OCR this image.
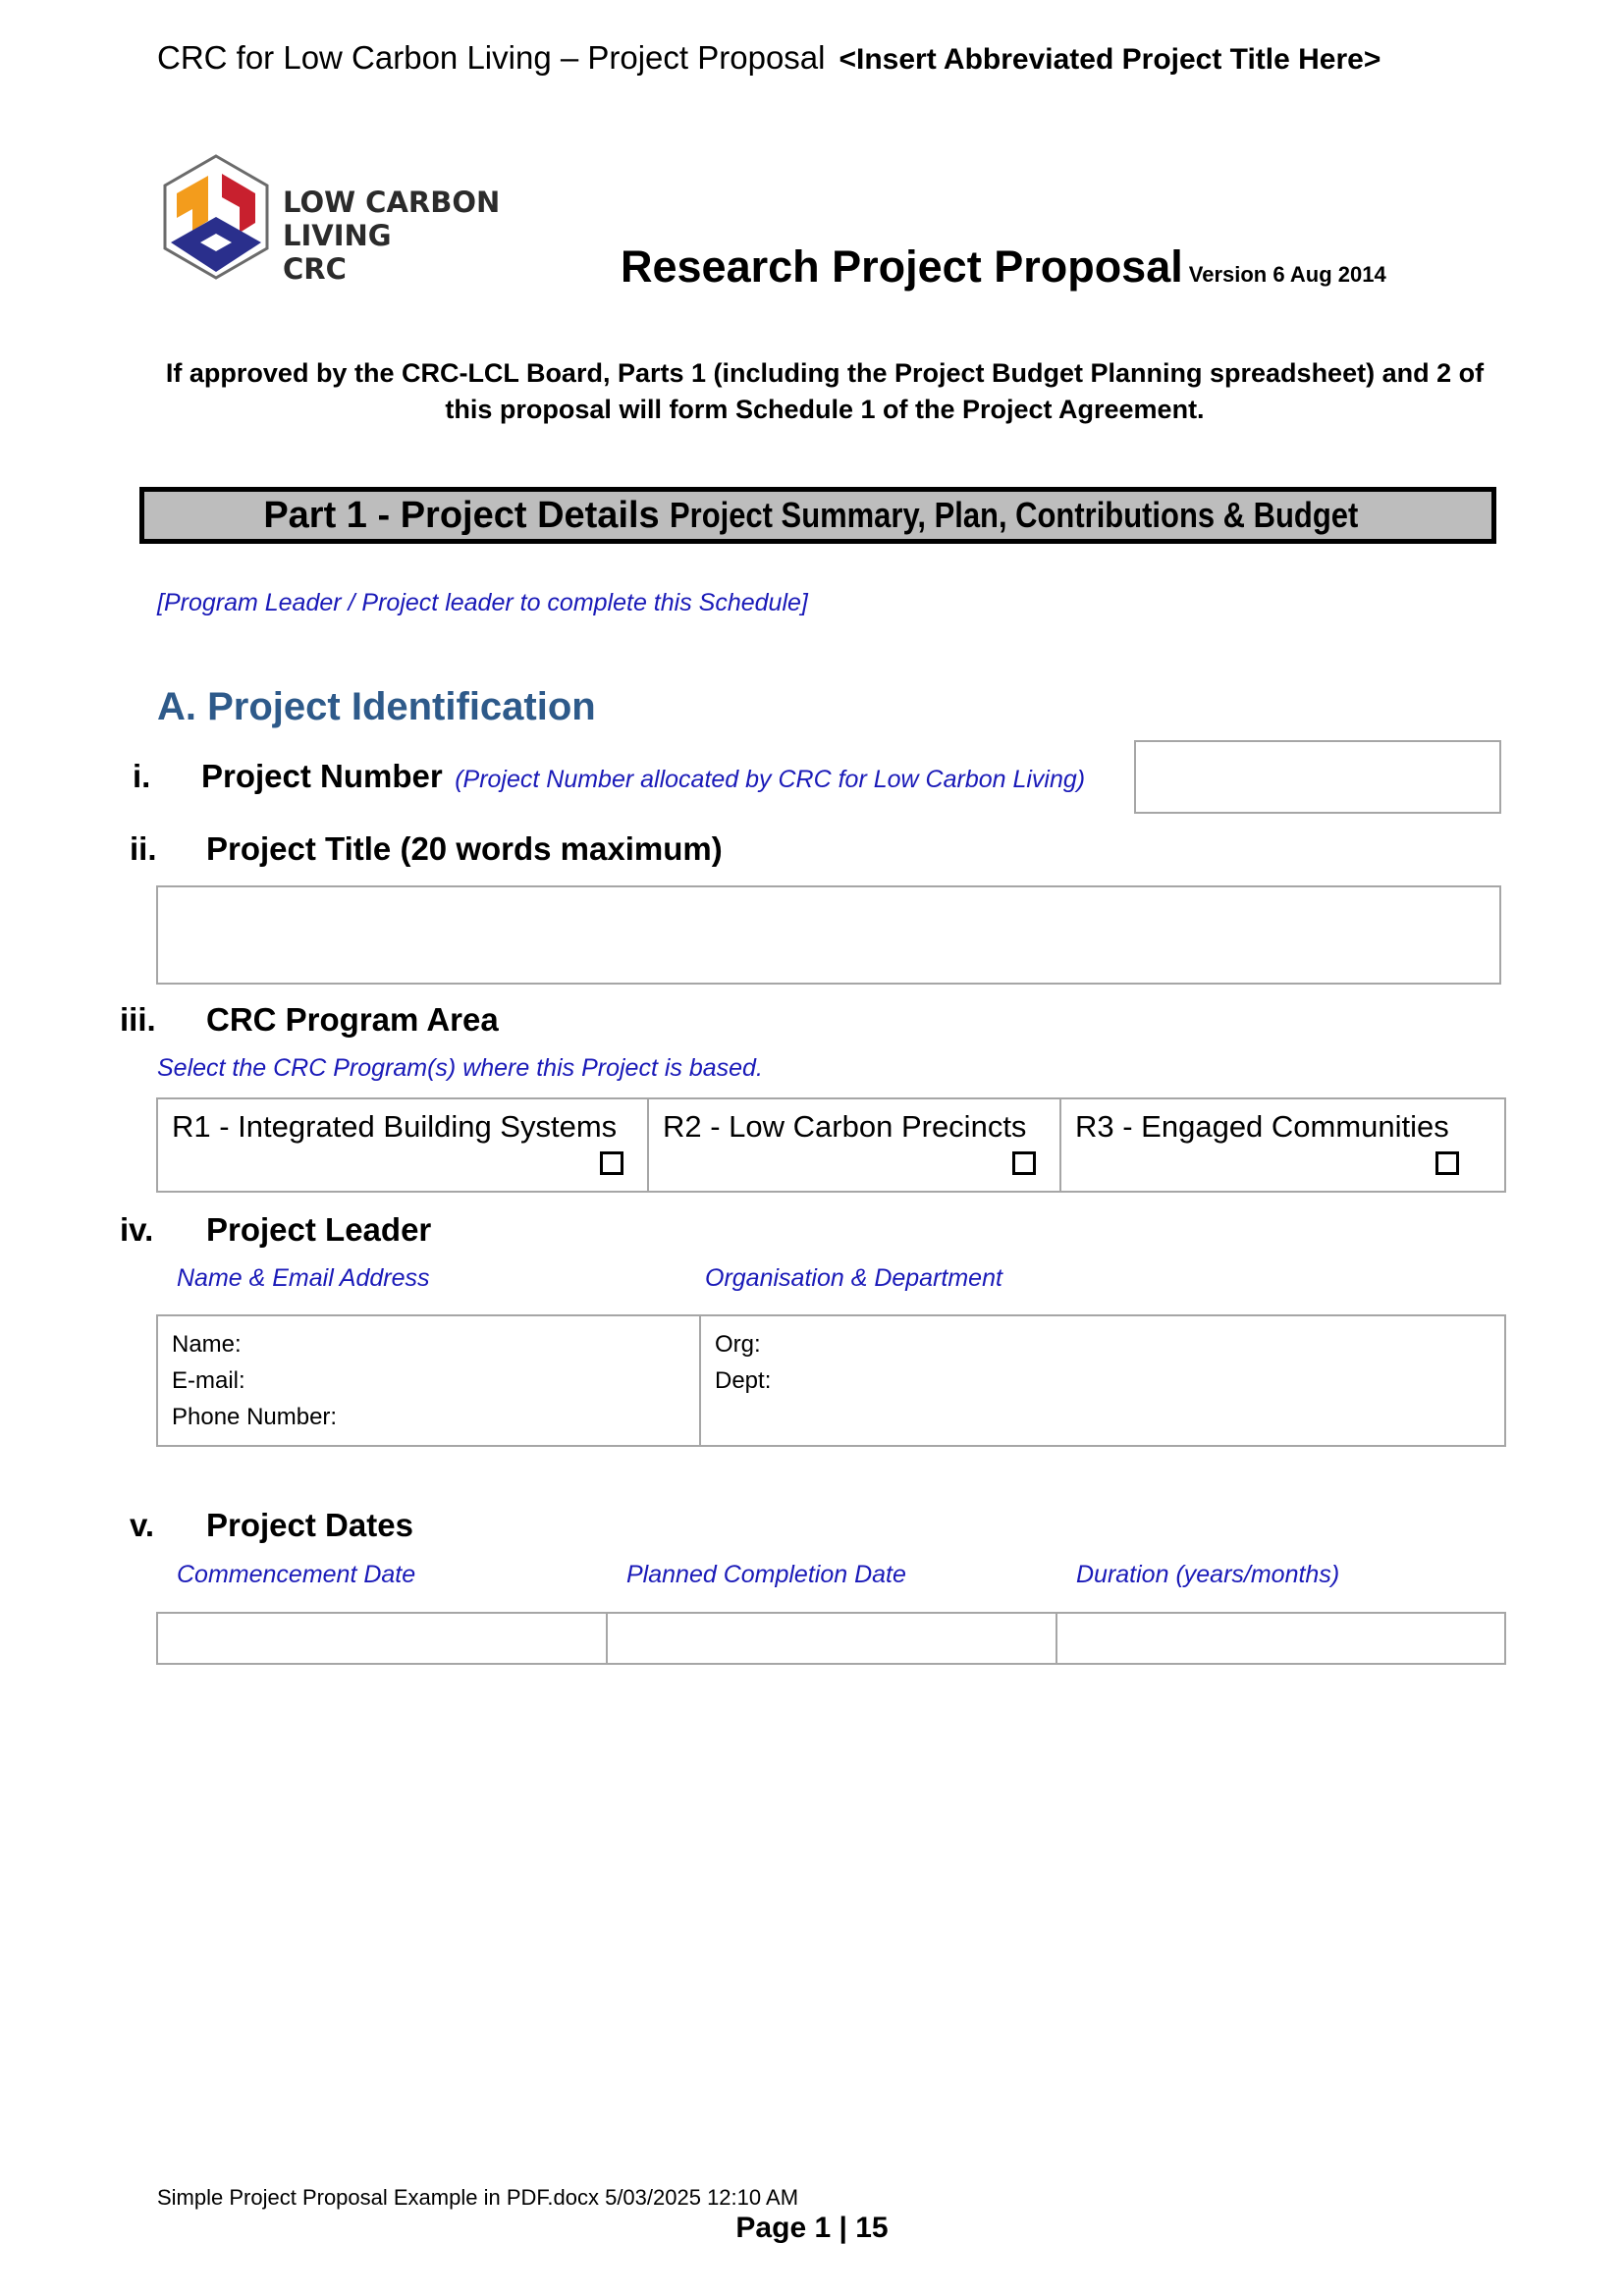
CRC for Low Carbon Living – Project Proposal <Insert Abbreviated Project Title Here>
LOW CARBON LIVING
CRC	Research Project Proposal Version 6 Aug 2014
If approved by the CRC-LCL Board, Parts 1 (including the Project Budget Planning spreadsheet) and 2 of this proposal will form Schedule 1 of the Project Agreement.
Part 1 - Project Details Project Summary, Plan, Contributions & Budget
[Program Leader / Project leader to complete this Schedule]
A. Project Identification
i. Project Number (Project Number allocated by CRC for Low Carbon Living)
ii. Project Title (20 words maximum)
iii. CRC Program Area
Select the CRC Program(s) where this Project is based.
R1 - Integrated Building Systems	R2 - Low Carbon Precincts	R3 - Engaged Communities
iv. Project Leader
Name & Email Address	Organisation & Department
Name:
E-mail:
Phone Number:

Org:
Dept:
v. Project Dates
Commencement Date	Planned Completion Date	Duration (years/months)

Simple Project Proposal Example in PDF.docx 5/03/2025 12:10 AM
Page 1 | 15
